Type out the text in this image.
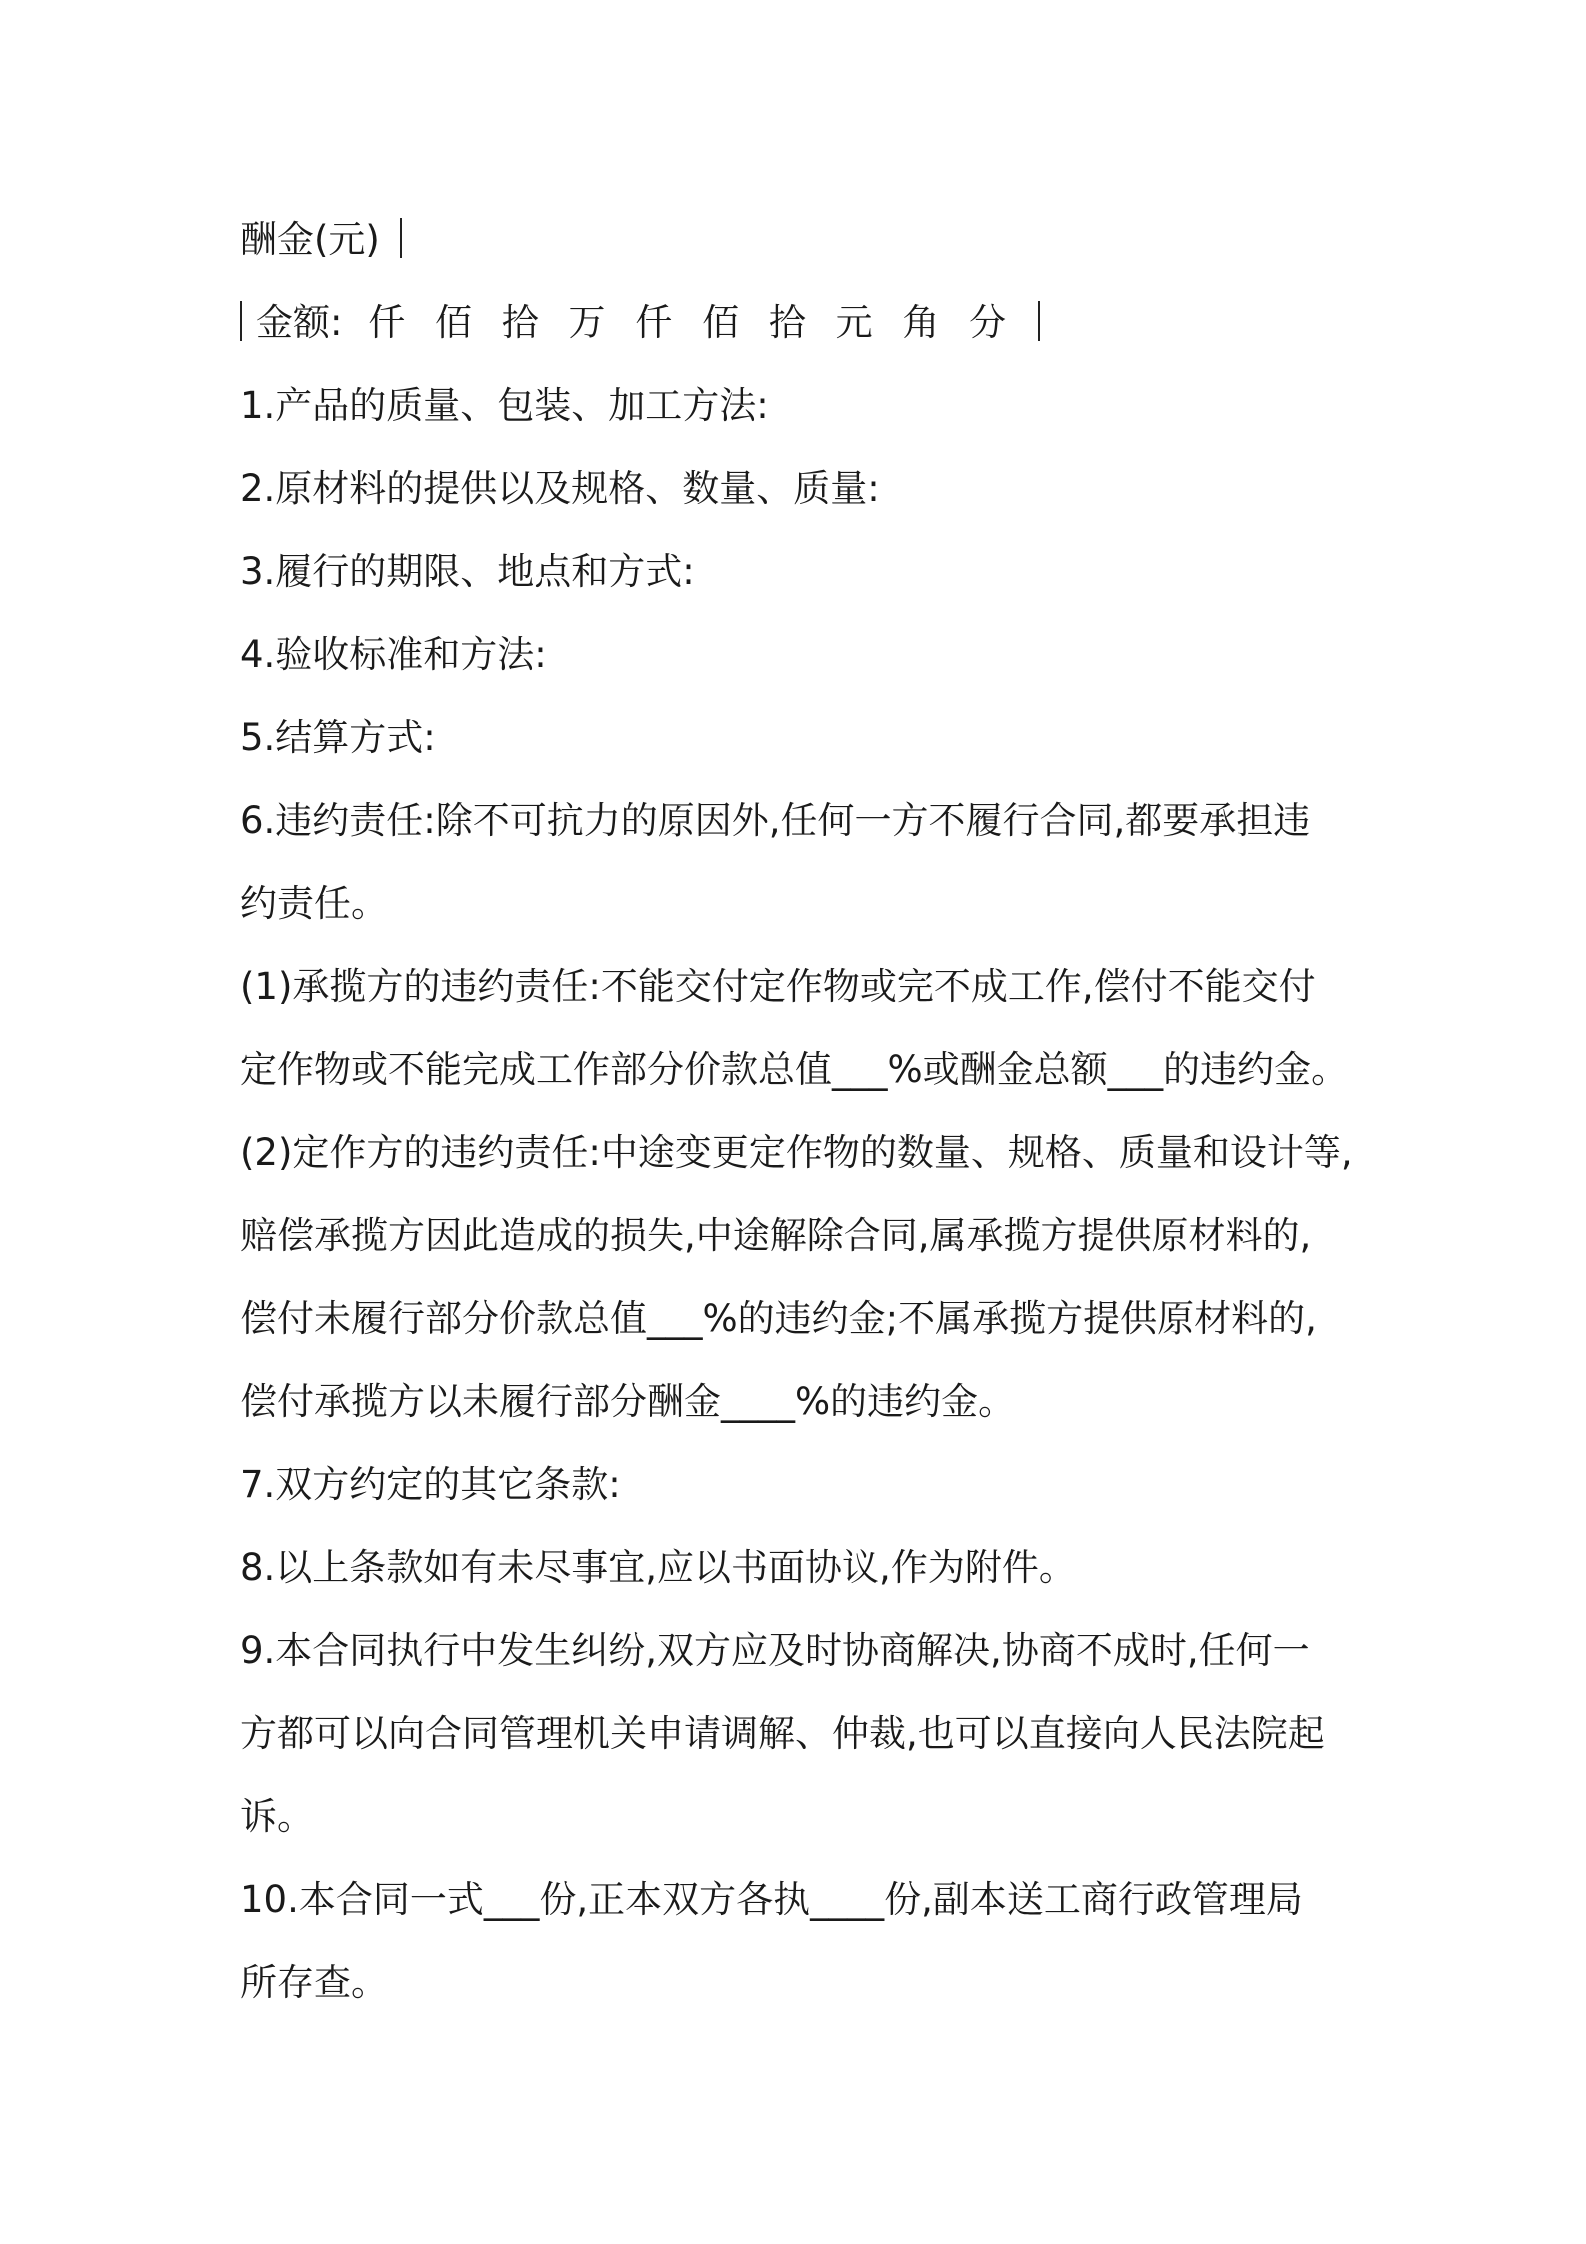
酬金(元)
金额: 仟 佰 拾 万 仟 佰 拾 元 角 分
1.产品的质量、包装、加工方法:
2.原材料的提供以及规格、数量、质量:
3.履行的期限、地点和方式:
4.验收标准和方法:
5.结算方式:
6.违约责任:除不可抗力的原因外,任何一方不履行合同,都要承担违
约责任。
(1)承揽方的违约责任:不能交付定作物或完不成工作,偿付不能交付
定作物或不能完成工作部分价款总值___%或酬金总额___的违约金。
(2)定作方的违约责任:中途变更定作物的数量、规格、质量和设计等,
赔偿承揽方因此造成的损失,中途解除合同,属承揽方提供原材料的,
偿付未履行部分价款总值___%的违约金;不属承揽方提供原材料的,
偿付承揽方以未履行部分酬金____%的违约金。
7.双方约定的其它条款:
8.以上条款如有未尽事宜,应以书面协议,作为附件。
9.本合同执行中发生纠纷,双方应及时协商解决,协商不成时,任何一
方都可以向合同管理机关申请调解、仲裁,也可以直接向人民法院起
诉。
10.本合同一式___份,正本双方各执____份,副本送工商行政管理局
所存查。
